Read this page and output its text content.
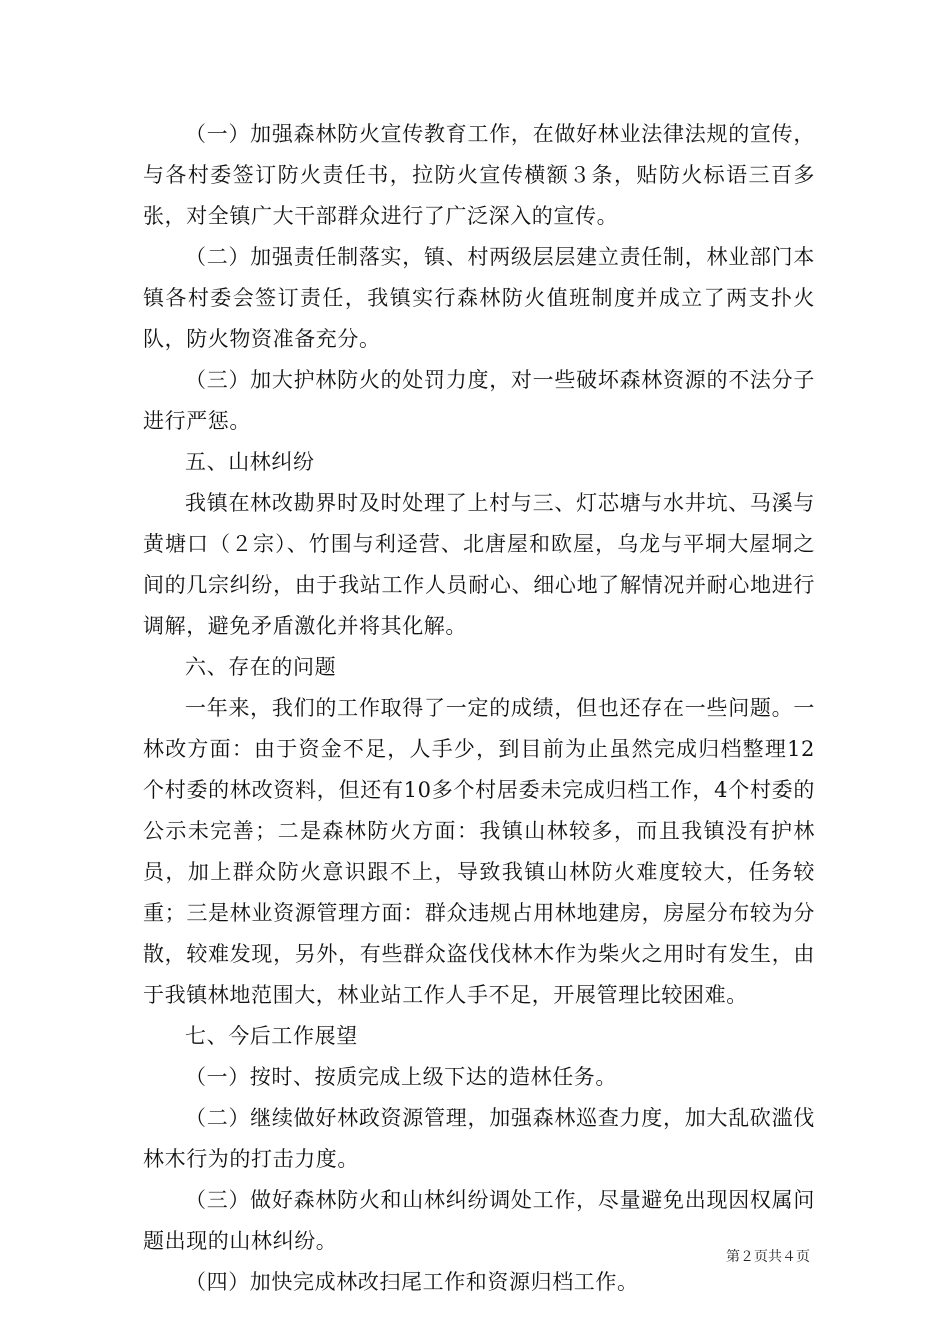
（一）加强森林防火宣传教育工作，在做好林业法律法规的宣传，与各村委签订防火责任书，拉防火宣传横额３条，贴防火标语三百多张，对全镇广大干部群众进行了广泛深入的宣传。

（二）加强责任制落实，镇、村两级层层建立责任制，林业部门本镇各村委会签订责任，我镇实行森林防火值班制度并成立了两支扑火队，防火物资准备充分。

（三）加大护林防火的处罚力度，对一些破坏森林资源的不法分子进行严惩。

五、山林纠纷

我镇在林改勘界时及时处理了上村与三、灯芯塘与水井坑、马溪与黄塘口（２宗）、竹围与利迳营、北唐屋和欧屋，乌龙与平垌大屋垌之间的几宗纠纷，由于我站工作人员耐心、细心地了解情况并耐心地进行调解，避免矛盾激化并将其化解。

六、存在的问题

一年来，我们的工作取得了一定的成绩，但也还存在一些问题。一林改方面：由于资金不足，人手少，到目前为止虽然完成归档整理12个村委的林改资料，但还有10多个村居委未完成归档工作，4个村委的公示未完善；二是森林防火方面：我镇山林较多，而且我镇没有护林员，加上群众防火意识跟不上，导致我镇山林防火难度较大，任务较重；三是林业资源管理方面：群众违规占用林地建房，房屋分布较为分散，较难发现，另外，有些群众盗伐伐林木作为柴火之用时有发生，由于我镇林地范围大，林业站工作人手不足，开展管理比较困难。

七、今后工作展望

（一）按时、按质完成上级下达的造林任务。

（二）继续做好林政资源管理，加强森林巡查力度，加大乱砍滥伐林木行为的打击力度。

（三）做好森林防火和山林纠纷调处工作，尽量避免出现因权属问题出现的山林纠纷。

（四）加快完成林改扫尾工作和资源归档工作。

第２页共４页
